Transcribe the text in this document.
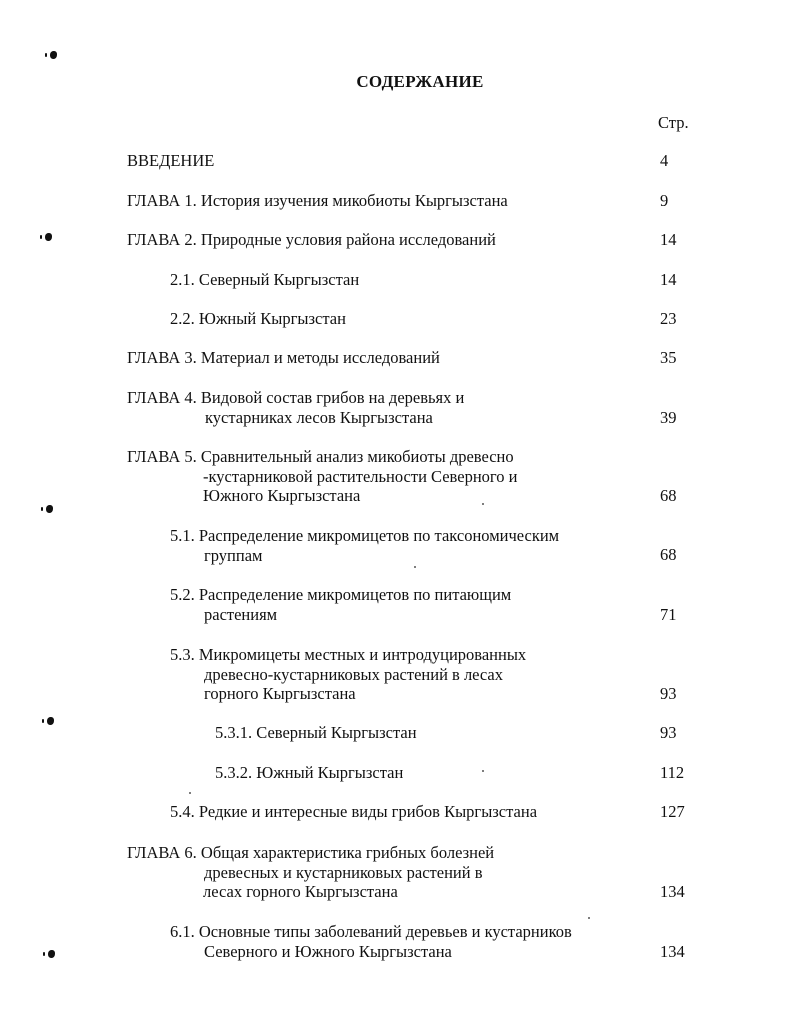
СОДЕРЖАНИЕ
Стр.
ВВЕДЕНИЕ	4
ГЛАВА 1. История изучения микобиоты Кыргызстана	9
ГЛАВА 2. Природные условия района исследований	14
2.1. Северный Кыргызстан	14
2.2. Южный Кыргызстан	23
ГЛАВА 3. Материал и методы исследований	35
ГЛАВА 4. Видовой состав грибов на деревьях и
кустарниках лесов Кыргызстана	39
ГЛАВА 5. Сравнительный анализ микобиоты древесно
-кустарниковой растительности Северного и
Южного Кыргызстана	68
5.1. Распределение микромицетов по таксономическим
группам	68
5.2. Распределение микромицетов по питающим
растениям	71
5.3. Микромицеты местных и интродуцированных
древесно-кустарниковых растений в лесах
горного Кыргызстана	93
5.3.1. Северный Кыргызстан	93
5.3.2. Южный Кыргызстан	112
5.4. Редкие и интересные виды грибов Кыргызстана	127
ГЛАВА 6. Общая характеристика грибных болезней
древесных и кустарниковых растений в
лесах горного Кыргызстана	134
6.1. Основные типы заболеваний деревьев и кустарников
Северного и Южного Кыргызстана	134
